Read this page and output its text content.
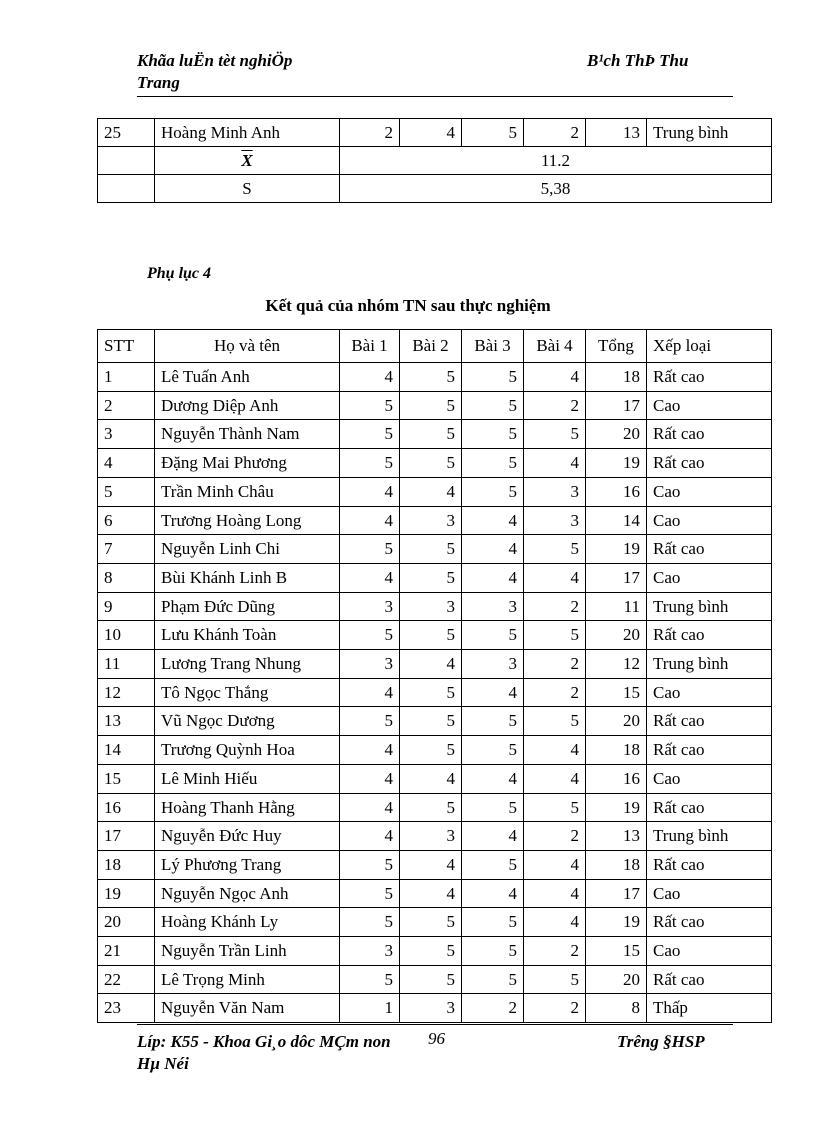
Khãa luËn tèt nghiÖp
Trang
B¹ch ThÞ Thu
25	Hoàng Minh Anh	2	4	5	2	13	Trung bình
	$\overline{X}$	11.2					
	S	5,38					
Phụ lục 4
Kết quả của nhóm TN sau thực nghiệm
STT	Họ và tên	Bài 1	Bài 2	Bài 3	Bài 4	Tổng	Xếp loại
1	Lê Tuấn Anh	4	5	5	4	18	Rất cao
2	Dương Diệp Anh	5	5	5	2	17	Cao
3	Nguyễn Thành Nam	5	5	5	5	20	Rất cao
4	Đặng Mai Phương	5	5	5	4	19	Rất cao
5	Trần Minh Châu	4	4	5	3	16	Cao
6	Trương Hoàng Long	4	3	4	3	14	Cao
7	Nguyễn Linh Chi	5	5	4	5	19	Rất cao
8	Bùi Khánh Linh B	4	5	4	4	17	Cao
9	Phạm Đức Dũng	3	3	3	2	11	Trung bình
10	Lưu Khánh Toàn	5	5	5	5	20	Rất cao
11	Lương Trang Nhung	3	4	3	2	12	Trung bình
12	Tô Ngọc Thắng	4	5	4	2	15	Cao
13	Vũ Ngọc Dương	5	5	5	5	20	Rất cao
14	Trương Quỳnh Hoa	4	5	5	4	18	Rất cao
15	Lê Minh Hiếu	4	4	4	4	16	Cao
16	Hoàng Thanh Hằng	4	5	5	5	19	Rất cao
17	Nguyễn Đức Huy	4	3	4	2	13	Trung bình
18	Lý Phương Trang	5	4	5	4	18	Rất cao
19	Nguyễn Ngọc Anh	5	4	4	4	17	Cao
20	Hoàng Khánh Ly	5	5	5	4	19	Rất cao
21	Nguyễn Trần Linh	3	5	5	2	15	Cao
22	Lê Trọng Minh	5	5	5	5	20	Rất cao
23	Nguyễn Văn Nam	1	3	2	2	8	Thấp
Líp: K55 - Khoa Gi¸o dôc MÇm non
Hµ Néi
96	Trêng §HSP
